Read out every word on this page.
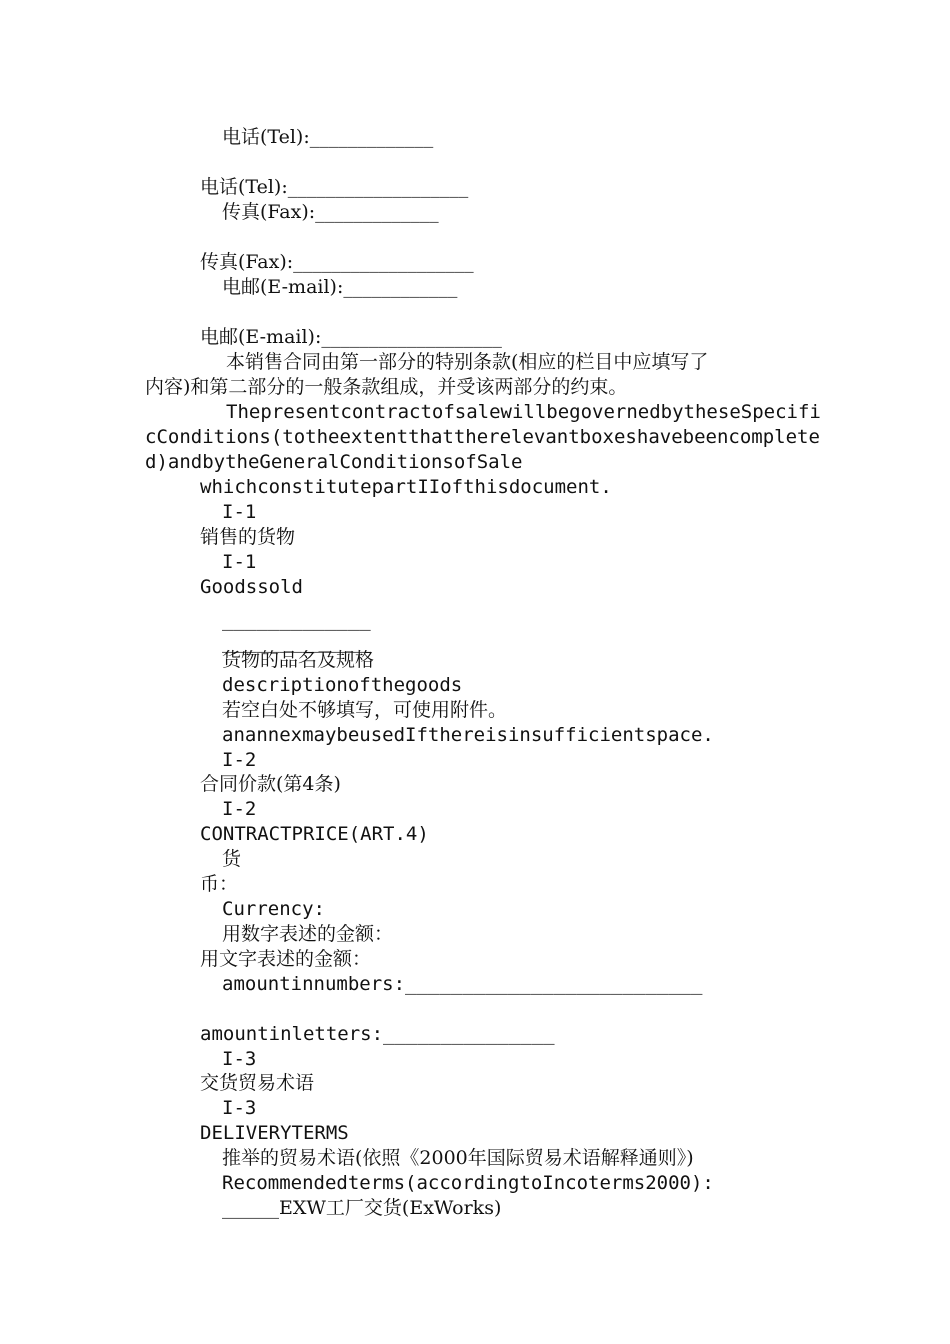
电话(Tel):_____________
电话(Tel):___________________
传真(Fax):_____________
传真(Fax):___________________
电邮(E-mail):____________
电邮(E-mail):___________________
本销售合同由第一部分的特别条款(相应的栏目中应填写了
内容)和第二部分的一般条款组成，并受该两部分的约束。
ThepresentcontractofsalewillbegovernedbytheseSpecifi
cConditions(totheextentthattherelevantboxeshavebeencomplete
d)andbytheGeneralConditionsofSale
whichconstitutepartIIofthisdocument.
I-1
销售的货物
I-1
Goodssold
_____________
_____________
货物的品名及规格
descriptionofthegoods
若空白处不够填写，可使用附件。
anannexmaybeusedIfthereisinsufficientspace.
I-2
合同价款(第4条)
I-2
CONTRACTPRICE(ART.4)
货
币：
Currency:
用数字表述的金额：
用文字表述的金额：
amountinnumbers:__________________________
amountinletters:_______________
I-3
交货贸易术语
I-3
DELIVERYTERMS
推举的贸易术语(依照《2000年国际贸易术语解释通则》)
Recommendedterms(accordingtoIncoterms2000):
______EXW工厂交货(ExWorks)
